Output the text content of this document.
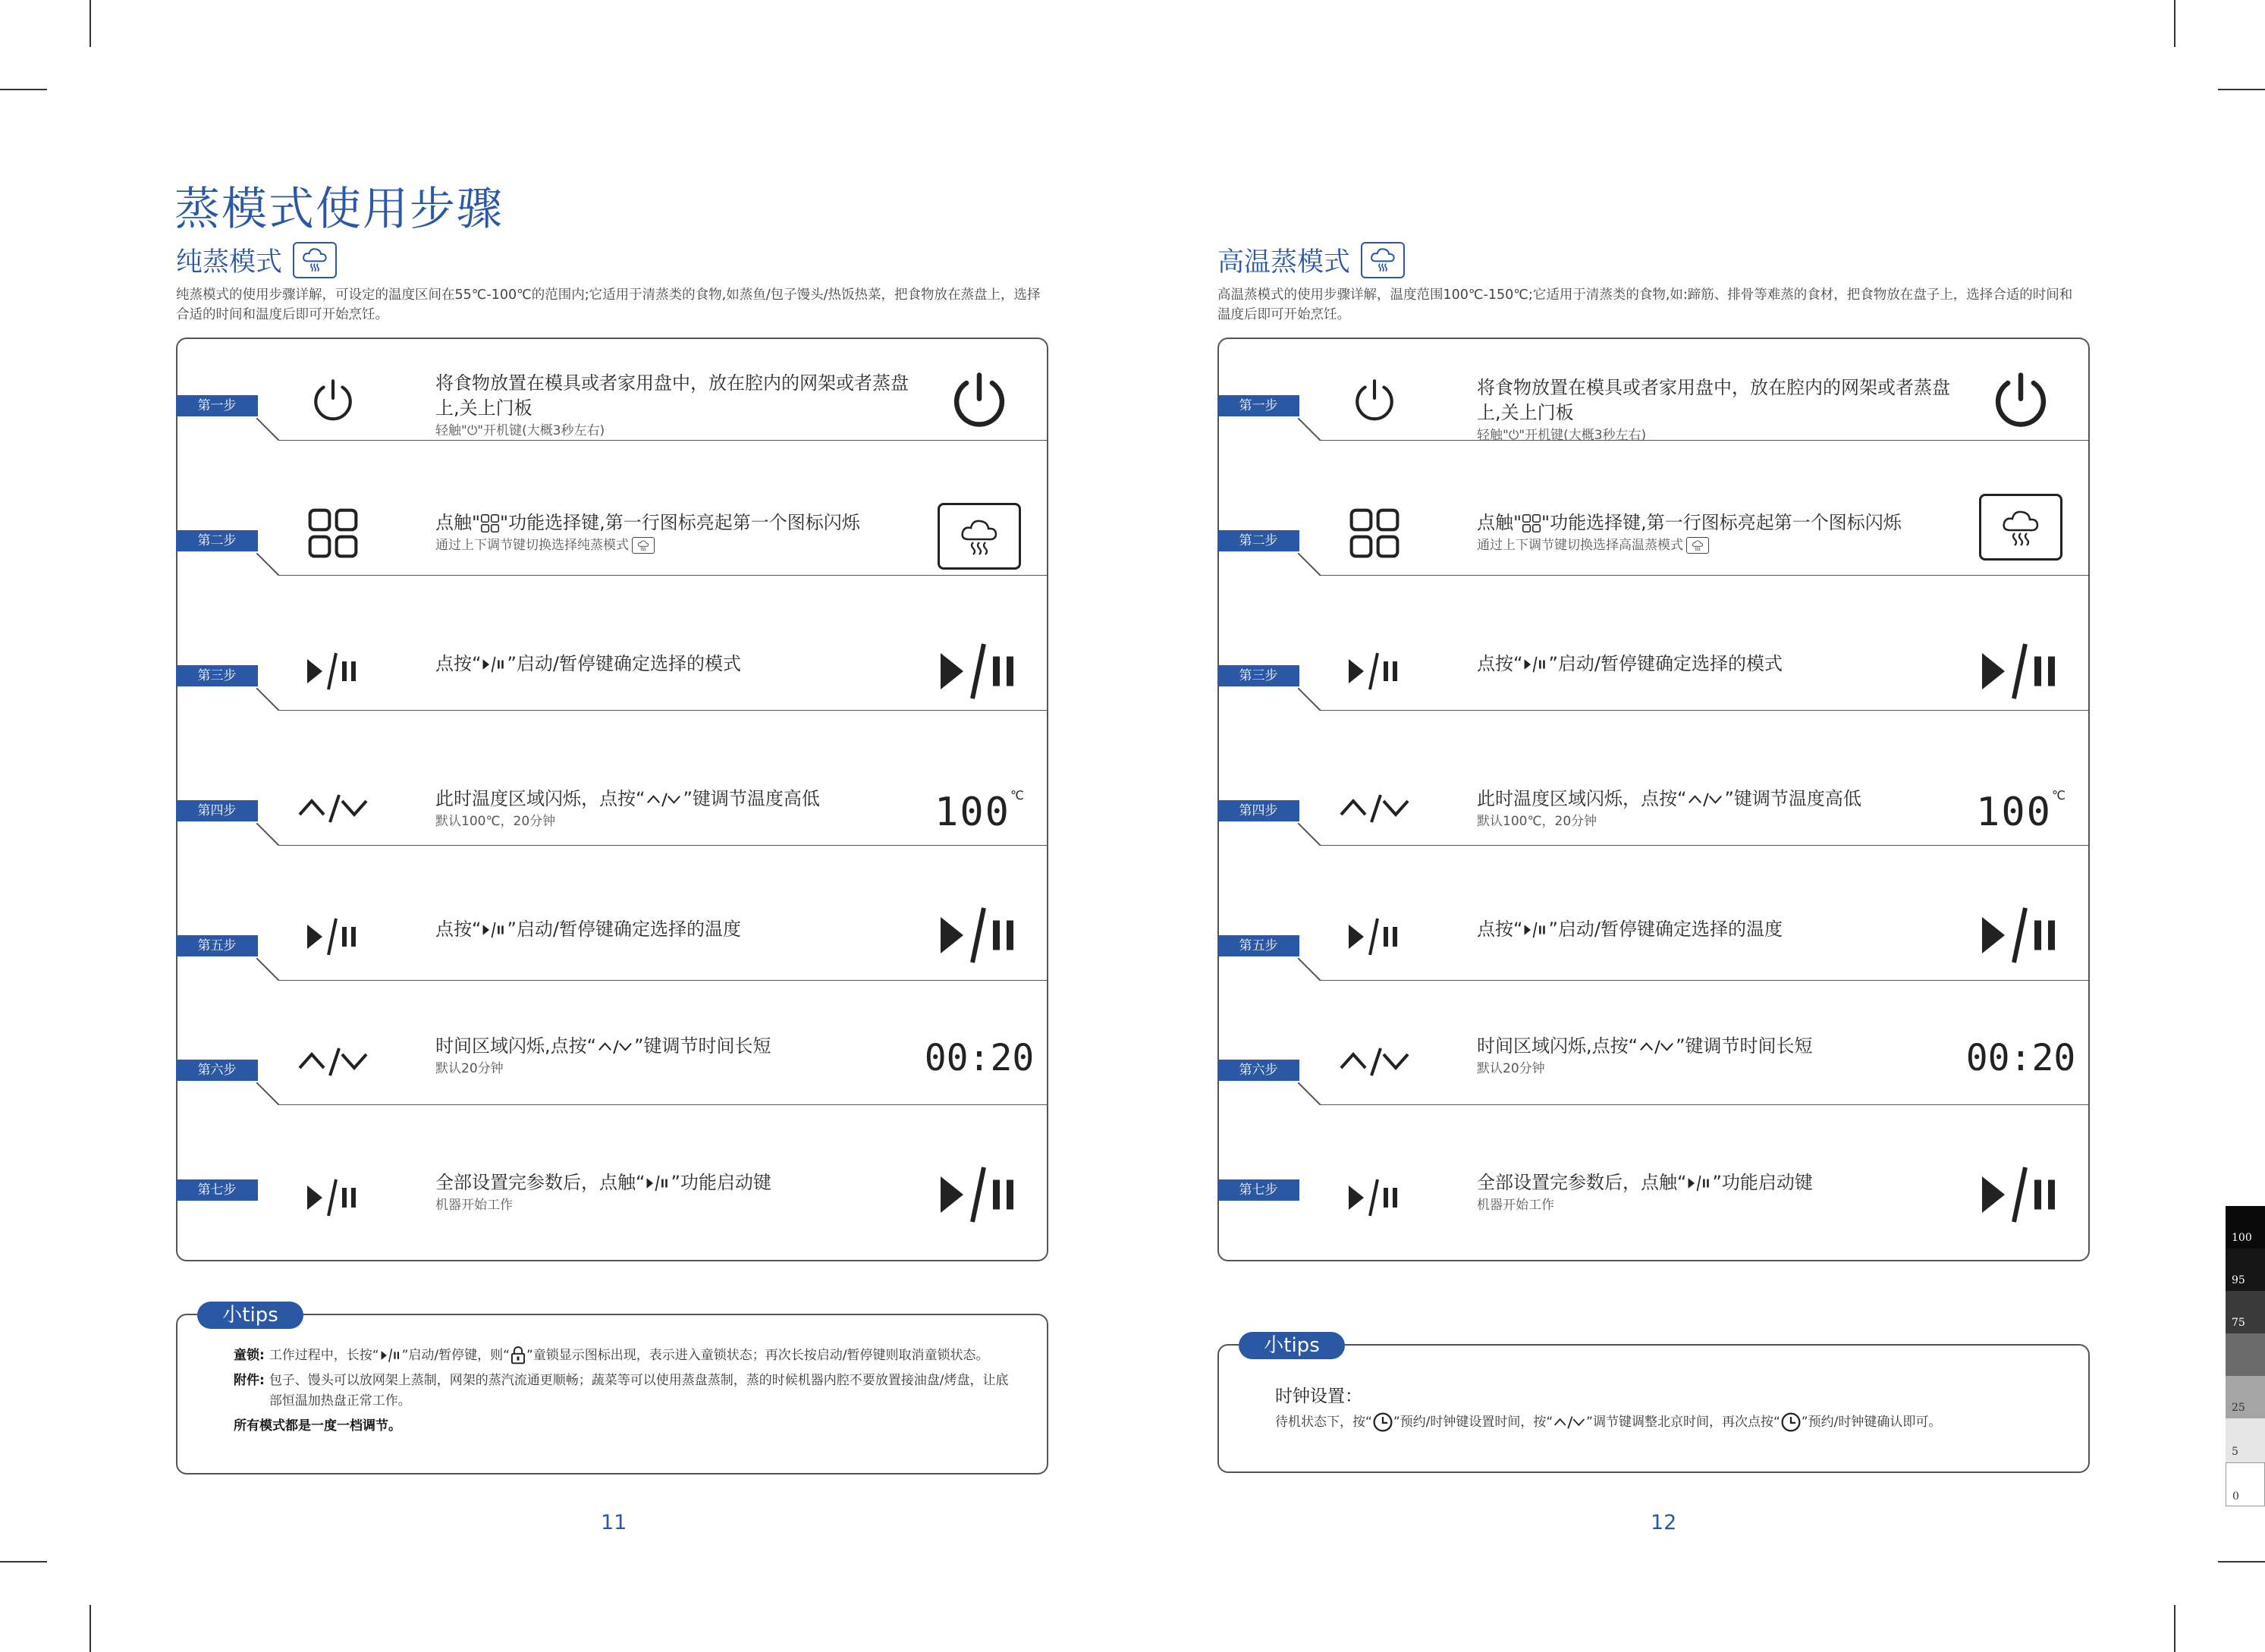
蒸模式使用步骤
纯蒸模式

纯蒸模式的使用步骤详解，可设定的温度区间在55℃-100℃的范围内;它适用于清蒸类的食物,如蒸鱼/包子馒头/热饭热菜，把食物放在蒸盘上，选择合适的时间和温度后即可开始烹饪。

第一步
将食物放置在模具或者家用盘中，放在腔内的网架或者蒸盘上,关上门板
轻触"⏻"开机键(大概3秒左右)
第二步
点触" "功能选择键,第一行图标亮起第一个图标闪烁
通过上下调节键切换选择纯蒸模式
第三步
点按“ ”启动/暂停键确定选择的模式
第四步
此时温度区域闪烁，点按“ ”键调节温度高低
默认100℃，20分钟	100 ℃
第五步
点按“ ”启动/暂停键确定选择的温度
第六步
时间区域闪烁,点按“ ”键调节时间长短
默认20分钟	00:20
第七步	全部设置完参数后，点触“ ”功能启动键
机器开始工作
小tips
童锁: 工作过程中，长按“ ”启动/暂停键，则“ ”童锁显示图标出现，表示进入童锁状态；再次长按启动/暂停键则取消童锁状态。
附件: 包子、馒头可以放网架上蒸制，网架的蒸汽流通更顺畅；蔬菜等可以使用蒸盘蒸制，蒸的时候机器内腔不要放置接油盘/烤盘，让底部恒温加热盘正常工作。
所有模式都是一度一档调节。
11
高温蒸模式

高温蒸模式的使用步骤详解，温度范围100℃-150℃;它适用于清蒸类的食物,如:蹄筋、排骨等难蒸的食材，把食物放在盘子上，选择合适的时间和温度后即可开始烹饪。

第一步
将食物放置在模具或者家用盘中，放在腔内的网架或者蒸盘上,关上门板
轻触"⏻"开机键(大概3秒左右)
第二步
点触" "功能选择键,第一行图标亮起第一个图标闪烁
通过上下调节键切换选择高温蒸模式
第三步
点按“ ”启动/暂停键确定选择的模式
第四步
此时温度区域闪烁，点按“ ”键调节温度高低
默认100℃，20分钟	100 ℃
第五步
点按“ ”启动/暂停键确定选择的温度
第六步
时间区域闪烁,点按“ ”键调节时间长短
默认20分钟	00:20
第七步	全部设置完参数后，点触“ ”功能启动键
机器开始工作
小tips
时钟设置：
待机状态下，按“ ”预约/时钟键设置时间，按“	”调节键调整北京时间，再次点按“ ”预约/时钟键确认即可。
12
100
95
75
25
5
0
